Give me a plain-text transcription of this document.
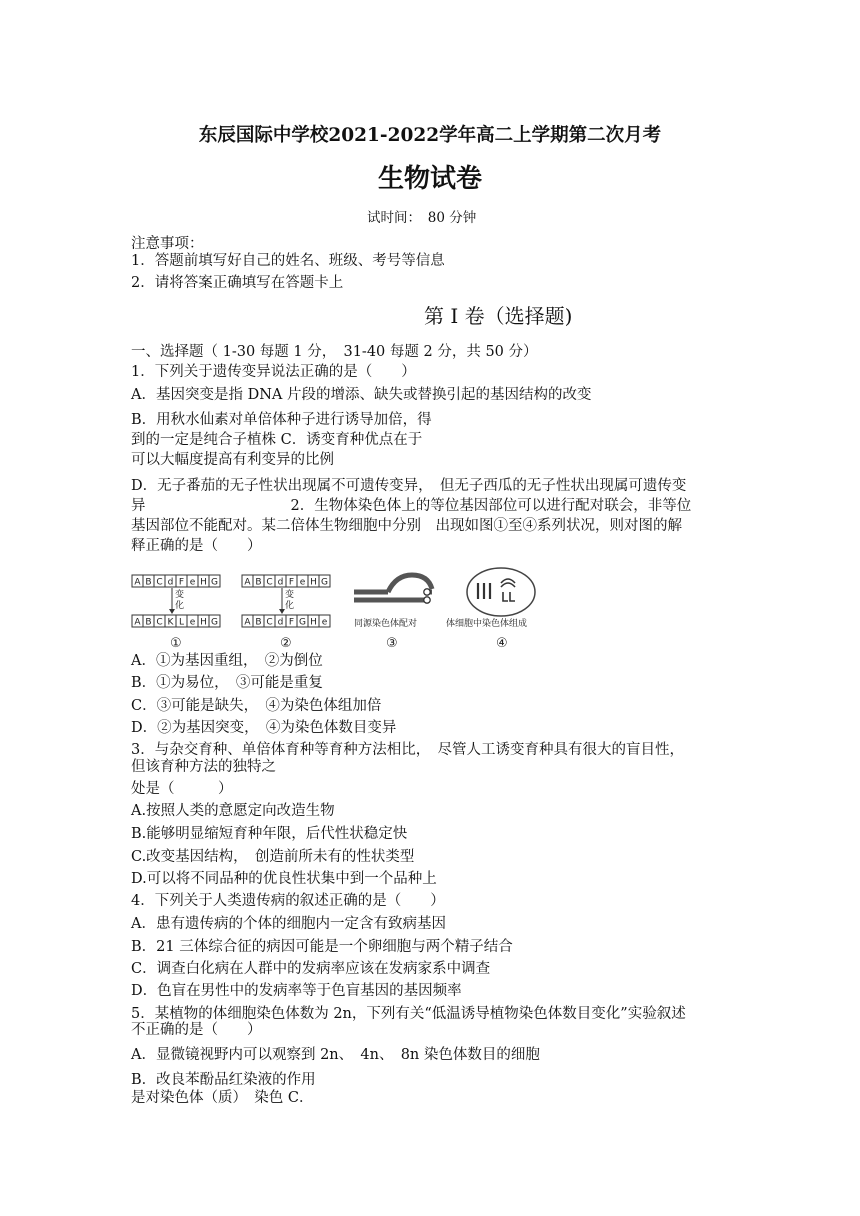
东辰国际中学校2021-2022学年高二上学期第二次月考
生物试卷
试时间：　80 分钟
注意事项：
1．答题前填写好自己的姓名、班级、考号等信息
2．请将答案正确填写在答题卡上
第 I 卷（选择题)
一、选择题（ 1-30 每题 1 分，　31-40 每题 2 分，共 50 分）
1．下列关于遗传变异说法正确的是（　　）
A．基因突变是指 DNA 片段的增添、缺失或替换引起的基因结构的改变
B．用秋水仙素对单倍体种子进行诱导加倍，得
到的一定是纯合子植株 C．诱变育种优点在于
可以大幅度提高有利变异的比例
D．无子番茄的无子性状出现属不可遗传变异，　但无子西瓜的无子性状出现属可遗传变
异　　　　　　　　　　2．生物体染色体上的等位基因部位可以进行配对联会，非等位
基因部位不能配对。某二倍体生物细胞中分别　出现如图①至④系列状况，则对图的解
释正确的是（　　）
A B C d F e H G
A B C K L e H G
A B C d F e H G
A B C d F G H e
变
化
变
化
同源染色体配对	体细胞中染色体组成
①	②	③	④
A．①为基因重组，　②为倒位
B．①为易位，　③可能是重复
C．③可能是缺失，　④为染色体组加倍
D．②为基因突变，　④为染色体数目变异
3．与杂交育种、单倍体育种等育种方法相比，　尽管人工诱变育种具有很大的盲目性，
但该育种方法的独特之
处是（　　　）
A.按照人类的意愿定向改造生物
B.能够明显缩短育种年限，后代性状稳定快
C.改变基因结构，　创造前所未有的性状类型
D.可以将不同品种的优良性状集中到一个品种上
4．下列关于人类遗传病的叙述正确的是（　　）
A．患有遗传病的个体的细胞内一定含有致病基因
B．21 三体综合征的病因可能是一个卵细胞与两个精子结合
C．调查白化病在人群中的发病率应该在发病家系中调查
D．色盲在男性中的发病率等于色盲基因的基因频率
5．某植物的体细胞染色体数为 2n，下列有关“低温诱导植物染色体数目变化”实验叙述
不正确的是（　　）
A．显微镜视野内可以观察到 2n、　4n、　8n 染色体数目的细胞
B．改良苯酚品红染液的作用
是对染色体（质）　染色 C．
